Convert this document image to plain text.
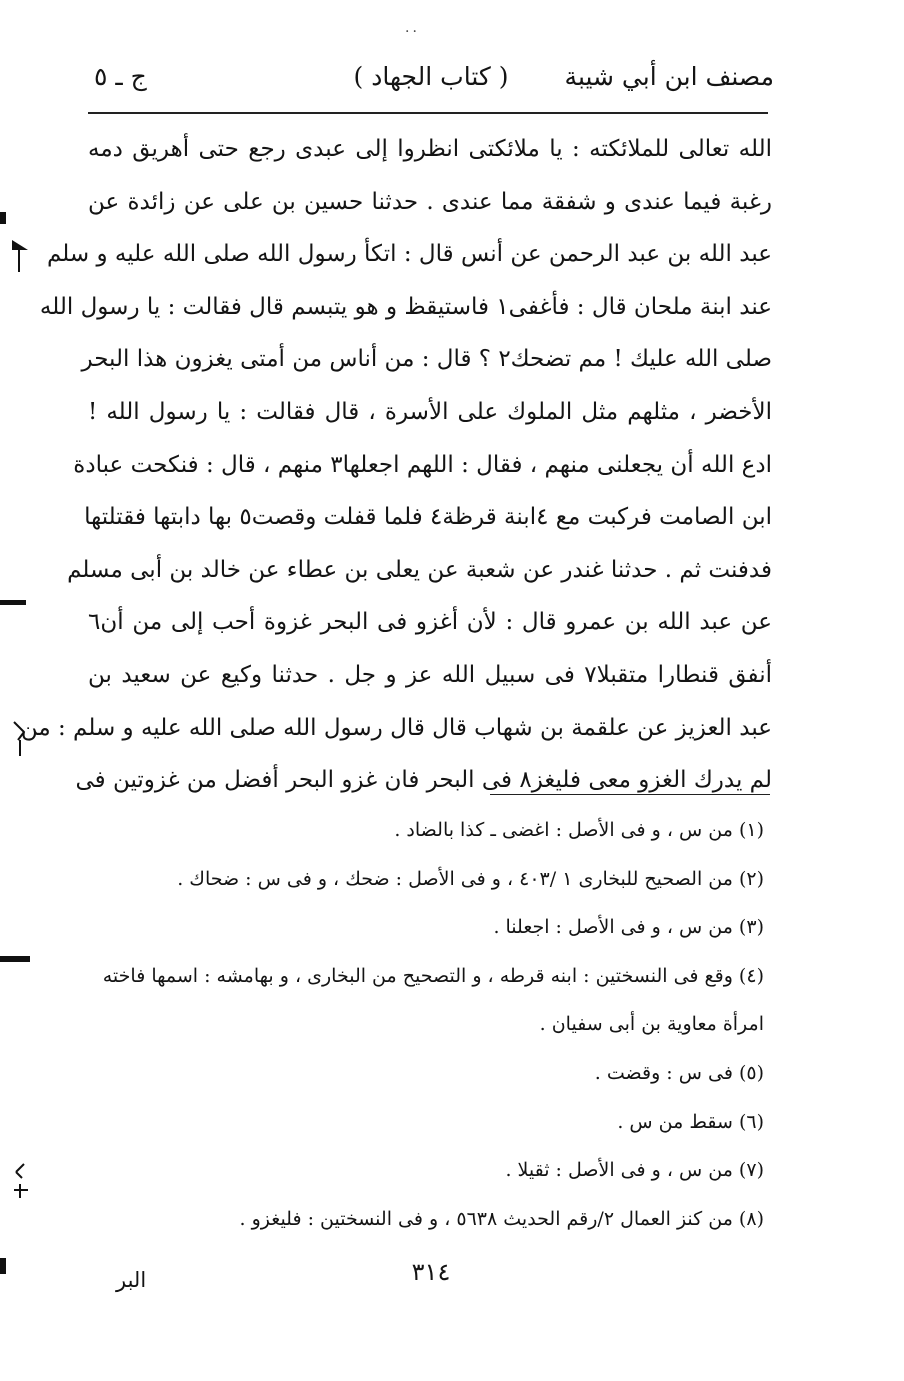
··
مصنف ابن أبي شيبة
( كتاب الجهاد )
ج ـ ٥
الله تعالى للملائكته : يا ملائكتى انظروا إلى عبدى رجع حتى أهريق دمه
رغبة فيما عندى و شفقة مما عندى . حدثنا حسين بن على عن زائدة عن
عبد الله بن عبد الرحمن عن أنس قال : اتكأ رسول الله صلى الله عليه و سلم
عند ابنة ملحان قال : فأغفى١ فاستيقظ و هو يتبسم قال فقالت : يا رسول الله
صلى الله عليك ! مم تضحك٢ ؟ قال : من أناس من أمتى يغزون هذا البحر
الأخضر ، مثلهم مثل الملوك على الأسرة ، قال فقالت : يا رسول الله !
ادع الله أن يجعلنى منهم ، فقال : اللهم اجعلها٣ منهم ، قال : فنكحت عبادة
ابن الصامت فركبت مع ٤ابنة قرظة٤ فلما قفلت وقصت٥ بها دابتها فقتلتها
فدفنت ثم . حدثنا غندر عن شعبة عن يعلى بن عطاء عن خالد بن أبى مسلم
عن عبد الله بن عمرو قال : لأن أغزو فى البحر غزوة أحب إلى من أن٦
أنفق قنطارا متقبلا٧ فى سبيل الله عز و جل . حدثنا وكيع عن سعيد بن
عبد العزيز عن علقمة بن شهاب قال قال رسول الله صلى الله عليه و سلم : من
لم يدرك الغزو معى فليغز٨ فى البحر فان غزو البحر أفضل من غزوتين فى
(١) من س ، و فى الأصل : اغضى ـ كذا بالضاد .
(٢) من الصحيح للبخارى ١ /٤٠٣ ، و فى الأصل : ضحك ، و فى س : ضحاك .
(٣) من س ، و فى الأصل : اجعلنا .
(٤) وقع فى النسختين : ابنه قرطه ، و التصحيح من البخارى ، و بهامشه : اسمها فاخته
امرأة معاوية بن أبى سفيان .
(٥) فى س : وقضت .
(٦) سقط من س .
(٧) من س ، و فى الأصل : ثقيلا .
(٨) من كنز العمال ٢/رقم الحديث ٥٦٣٨ ، و فى النسختين : فليغزو .
٣١٤
البر
